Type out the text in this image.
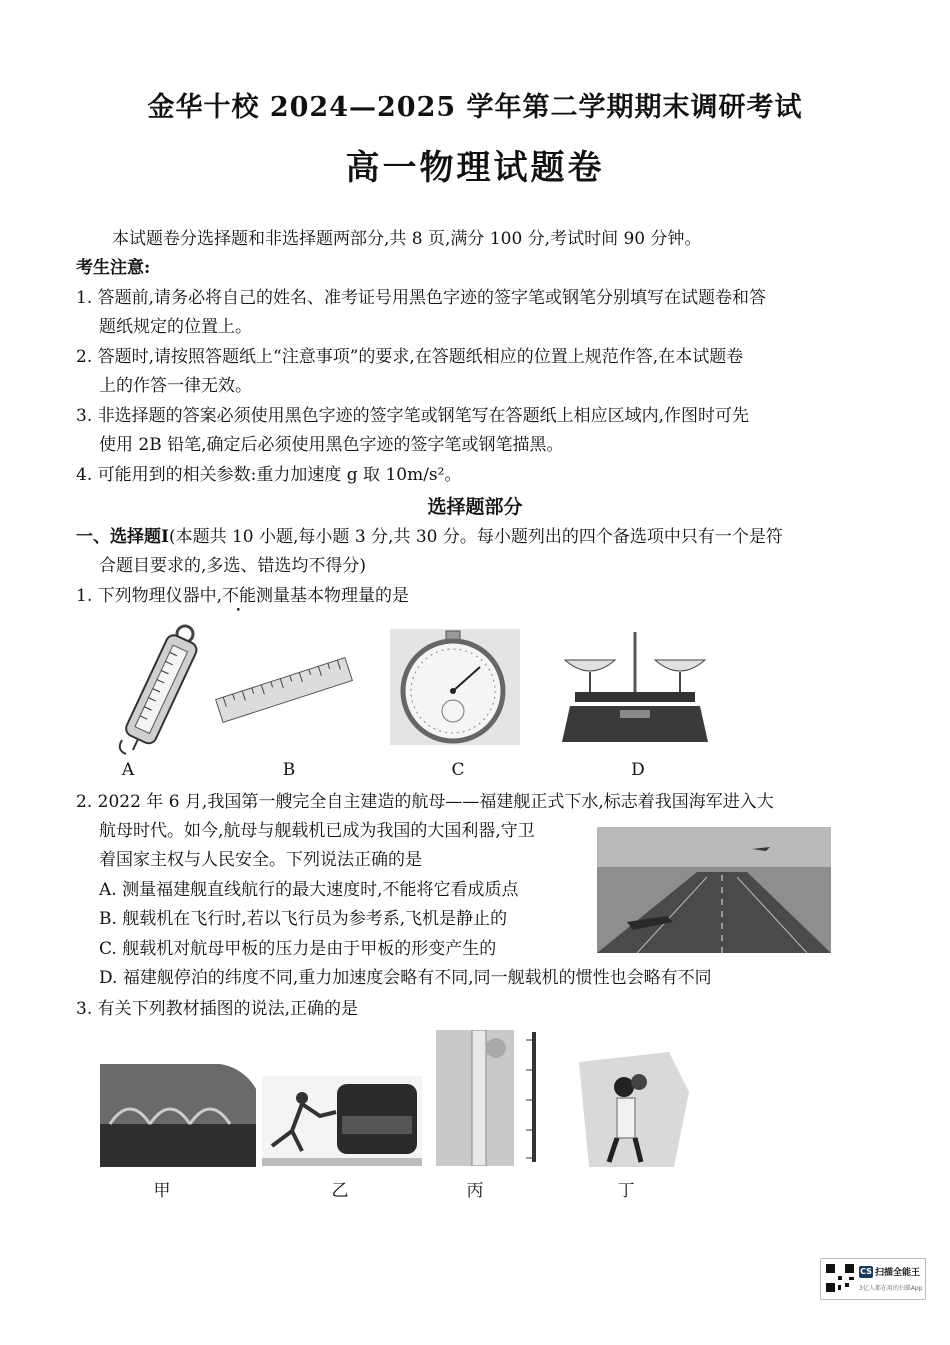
金华十校 2024—2025 学年第二学期期末调研考试
高一物理试题卷
本试题卷分选择题和非选择题两部分,共 8 页,满分 100 分,考试时间 90 分钟。
考生注意:
1. 答题前,请务必将自己的姓名、准考证号用黑色字迹的签字笔或钢笔分别填写在试题卷和答
题纸规定的位置上。
2. 答题时,请按照答题纸上“注意事项”的要求,在答题纸相应的位置上规范作答,在本试题卷
上的作答一律无效。
3. 非选择题的答案必须使用黑色字迹的签字笔或钢笔写在答题纸上相应区域内,作图时可先
使用 2B 铅笔,确定后必须使用黑色字迹的签字笔或钢笔描黑。
4. 可能用到的相关参数:重力加速度 g 取 10m/s²。
选择题部分
一、选择题Ⅰ(本题共 10 小题,每小题 3 分,共 30 分。每小题列出的四个备选项中只有一个是符
合题目要求的,多选、错选均不得分)
1. 下列物理仪器中,不能测量基本物理量的是
A	B	C	D
2. 2022 年 6 月,我国第一艘完全自主建造的航母——福建舰正式下水,标志着我国海军进入大
航母时代。如今,航母与舰载机已成为我国的大国利器,守卫
着国家主权与人民安全。下列说法正确的是
A. 测量福建舰直线航行的最大速度时,不能将它看成质点
B. 舰载机在飞行时,若以飞行员为参考系,飞机是静止的
C. 舰载机对航母甲板的压力是由于甲板的形变产生的
D. 福建舰停泊的纬度不同,重力加速度会略有不同,同一舰载机的惯性也会略有不同
3. 有关下列教材插图的说法,正确的是
甲	乙	丙	丁
CS 扫描全能王
3亿人都在用的扫描App
